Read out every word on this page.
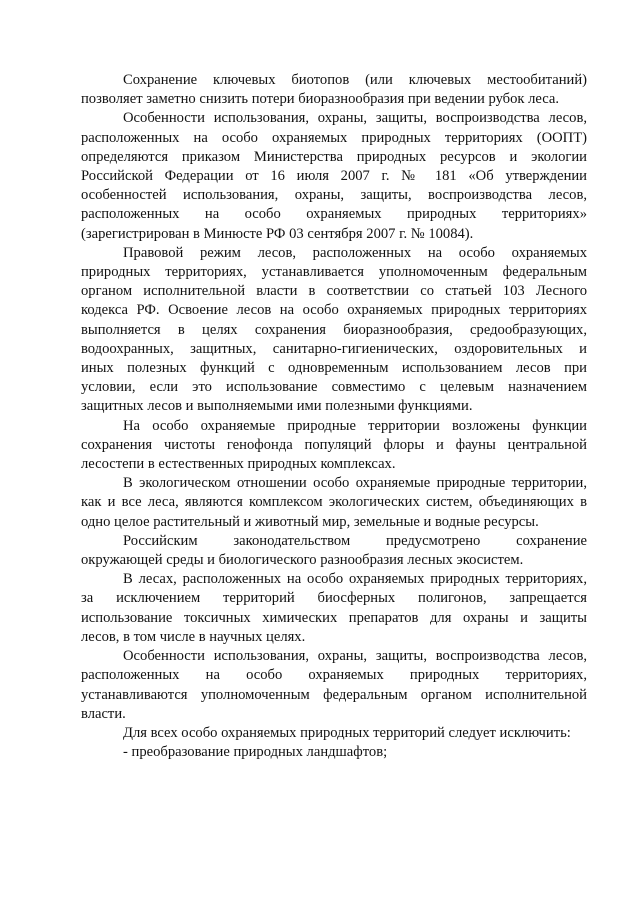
Сохранение ключевых биотопов (или ключевых местообитаний)
позволяет заметно снизить потери биоразнообразия при ведении рубок леса.
Особенности использования, охраны, защиты, воспроизводства лесов,
расположенных на особо охраняемых природных территориях (ООПТ)
определяются приказом Министерства природных ресурсов и экологии
Российской Федерации от 16 июля 2007 г. № 181 «Об утверждении
особенностей использования, охраны, защиты, воспроизводства лесов,
расположенных на особо охраняемых природных территориях»
(зарегистрирован в Минюсте РФ 03 сентября 2007 г. № 10084).
Правовой режим лесов, расположенных на особо охраняемых
природных территориях, устанавливается уполномоченным федеральным
органом исполнительной власти в соответствии со статьей 103 Лесного
кодекса РФ. Освоение лесов на особо охраняемых природных территориях
выполняется в целях сохранения биоразнообразия, средообразующих,
водоохранных, защитных, санитарно-гигиенических, оздоровительных и
иных полезных функций с одновременным использованием лесов при
условии, если это использование совместимо с целевым назначением
защитных лесов и выполняемыми ими полезными функциями.
На особо охраняемые природные территории возложены функции
сохранения чистоты генофонда популяций флоры и фауны центральной
лесостепи в естественных природных комплексах.
В экологическом отношении особо охраняемые природные территории,
как и все леса, являются комплексом экологических систем, объединяющих в
одно целое растительный и животный мир, земельные и водные ресурсы.
Российским законодательством предусмотрено сохранение
окружающей среды и биологического разнообразия лесных экосистем.
В лесах, расположенных на особо охраняемых природных территориях,
за исключением территорий биосферных полигонов, запрещается
использование токсичных химических препаратов для охраны и защиты
лесов, в том числе в научных целях.
Особенности использования, охраны, защиты, воспроизводства лесов,
расположенных на особо охраняемых природных территориях,
устанавливаются уполномоченным федеральным органом исполнительной
власти.
Для всех особо охраняемых природных территорий следует исключить:
- преобразование природных ландшафтов;
